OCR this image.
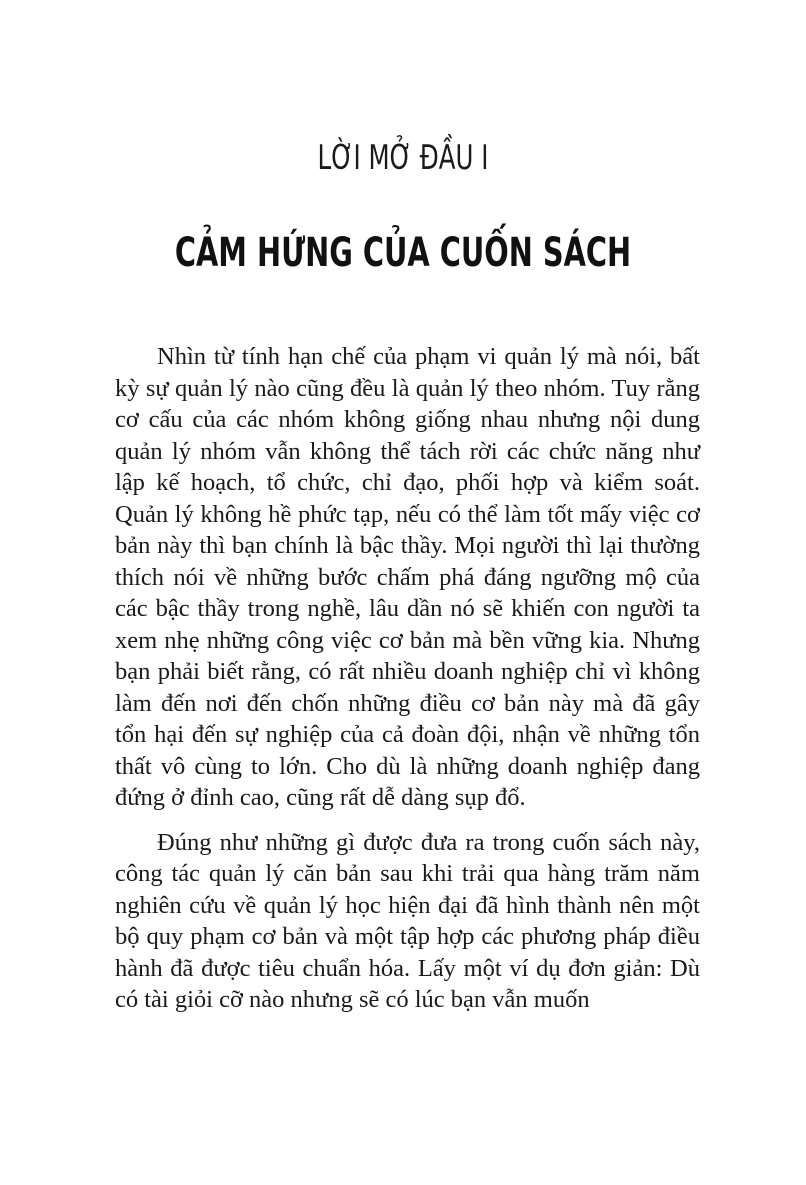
LỜI MỞ ĐẦU I
CẢM HỨNG CỦA CUỐN SÁCH

Nhìn từ tính hạn chế của phạm vi quản lý mà nói, bất kỳ sự quản lý nào cũng đều là quản lý theo nhóm. Tuy rằng cơ cấu của các nhóm không giống nhau nhưng nội dung quản lý nhóm vẫn không thể tách rời các chức năng như lập kế hoạch, tổ chức, chỉ đạo, phối hợp và kiểm soát. Quản lý không hề phức tạp, nếu có thể làm tốt mấy việc cơ bản này thì bạn chính là bậc thầy. Mọi người thì lại thường thích nói về những bước chấm phá đáng ngưỡng mộ của các bậc thầy trong nghề, lâu dần nó sẽ khiến con người ta xem nhẹ những công việc cơ bản mà bền vững kia. Nhưng bạn phải biết rằng, có rất nhiều doanh nghiệp chỉ vì không làm đến nơi đến chốn những điều cơ bản này mà đã gây tổn hại đến sự nghiệp của cả đoàn đội, nhận về những tổn thất vô cùng to lớn. Cho dù là những doanh nghiệp đang đứng ở đỉnh cao, cũng rất dễ dàng sụp đổ.

Đúng như những gì được đưa ra trong cuốn sách này, công tác quản lý căn bản sau khi trải qua hàng trăm năm nghiên cứu về quản lý học hiện đại đã hình thành nên một bộ quy phạm cơ bản và một tập hợp các phương pháp điều hành đã được tiêu chuẩn hóa. Lấy một ví dụ đơn giản: Dù có tài giỏi cỡ nào nhưng sẽ có lúc bạn vẫn muốn
